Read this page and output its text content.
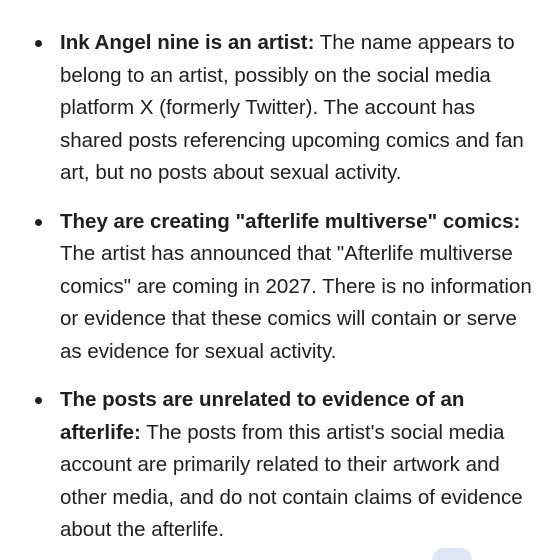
Ink Angel nine is an artist: The name appears to belong to an artist, possibly on the social media platform X (formerly Twitter). The account has shared posts referencing upcoming comics and fan art, but no posts about sexual activity.
They are creating "afterlife multiverse" comics: The artist has announced that "Afterlife multiverse comics" are coming in 2027. There is no information or evidence that these comics will contain or serve as evidence for sexual activity.
The posts are unrelated to evidence of an afterlife: The posts from this artist's social media account are primarily related to their artwork and other media, and do not contain claims of evidence about the afterlife.
